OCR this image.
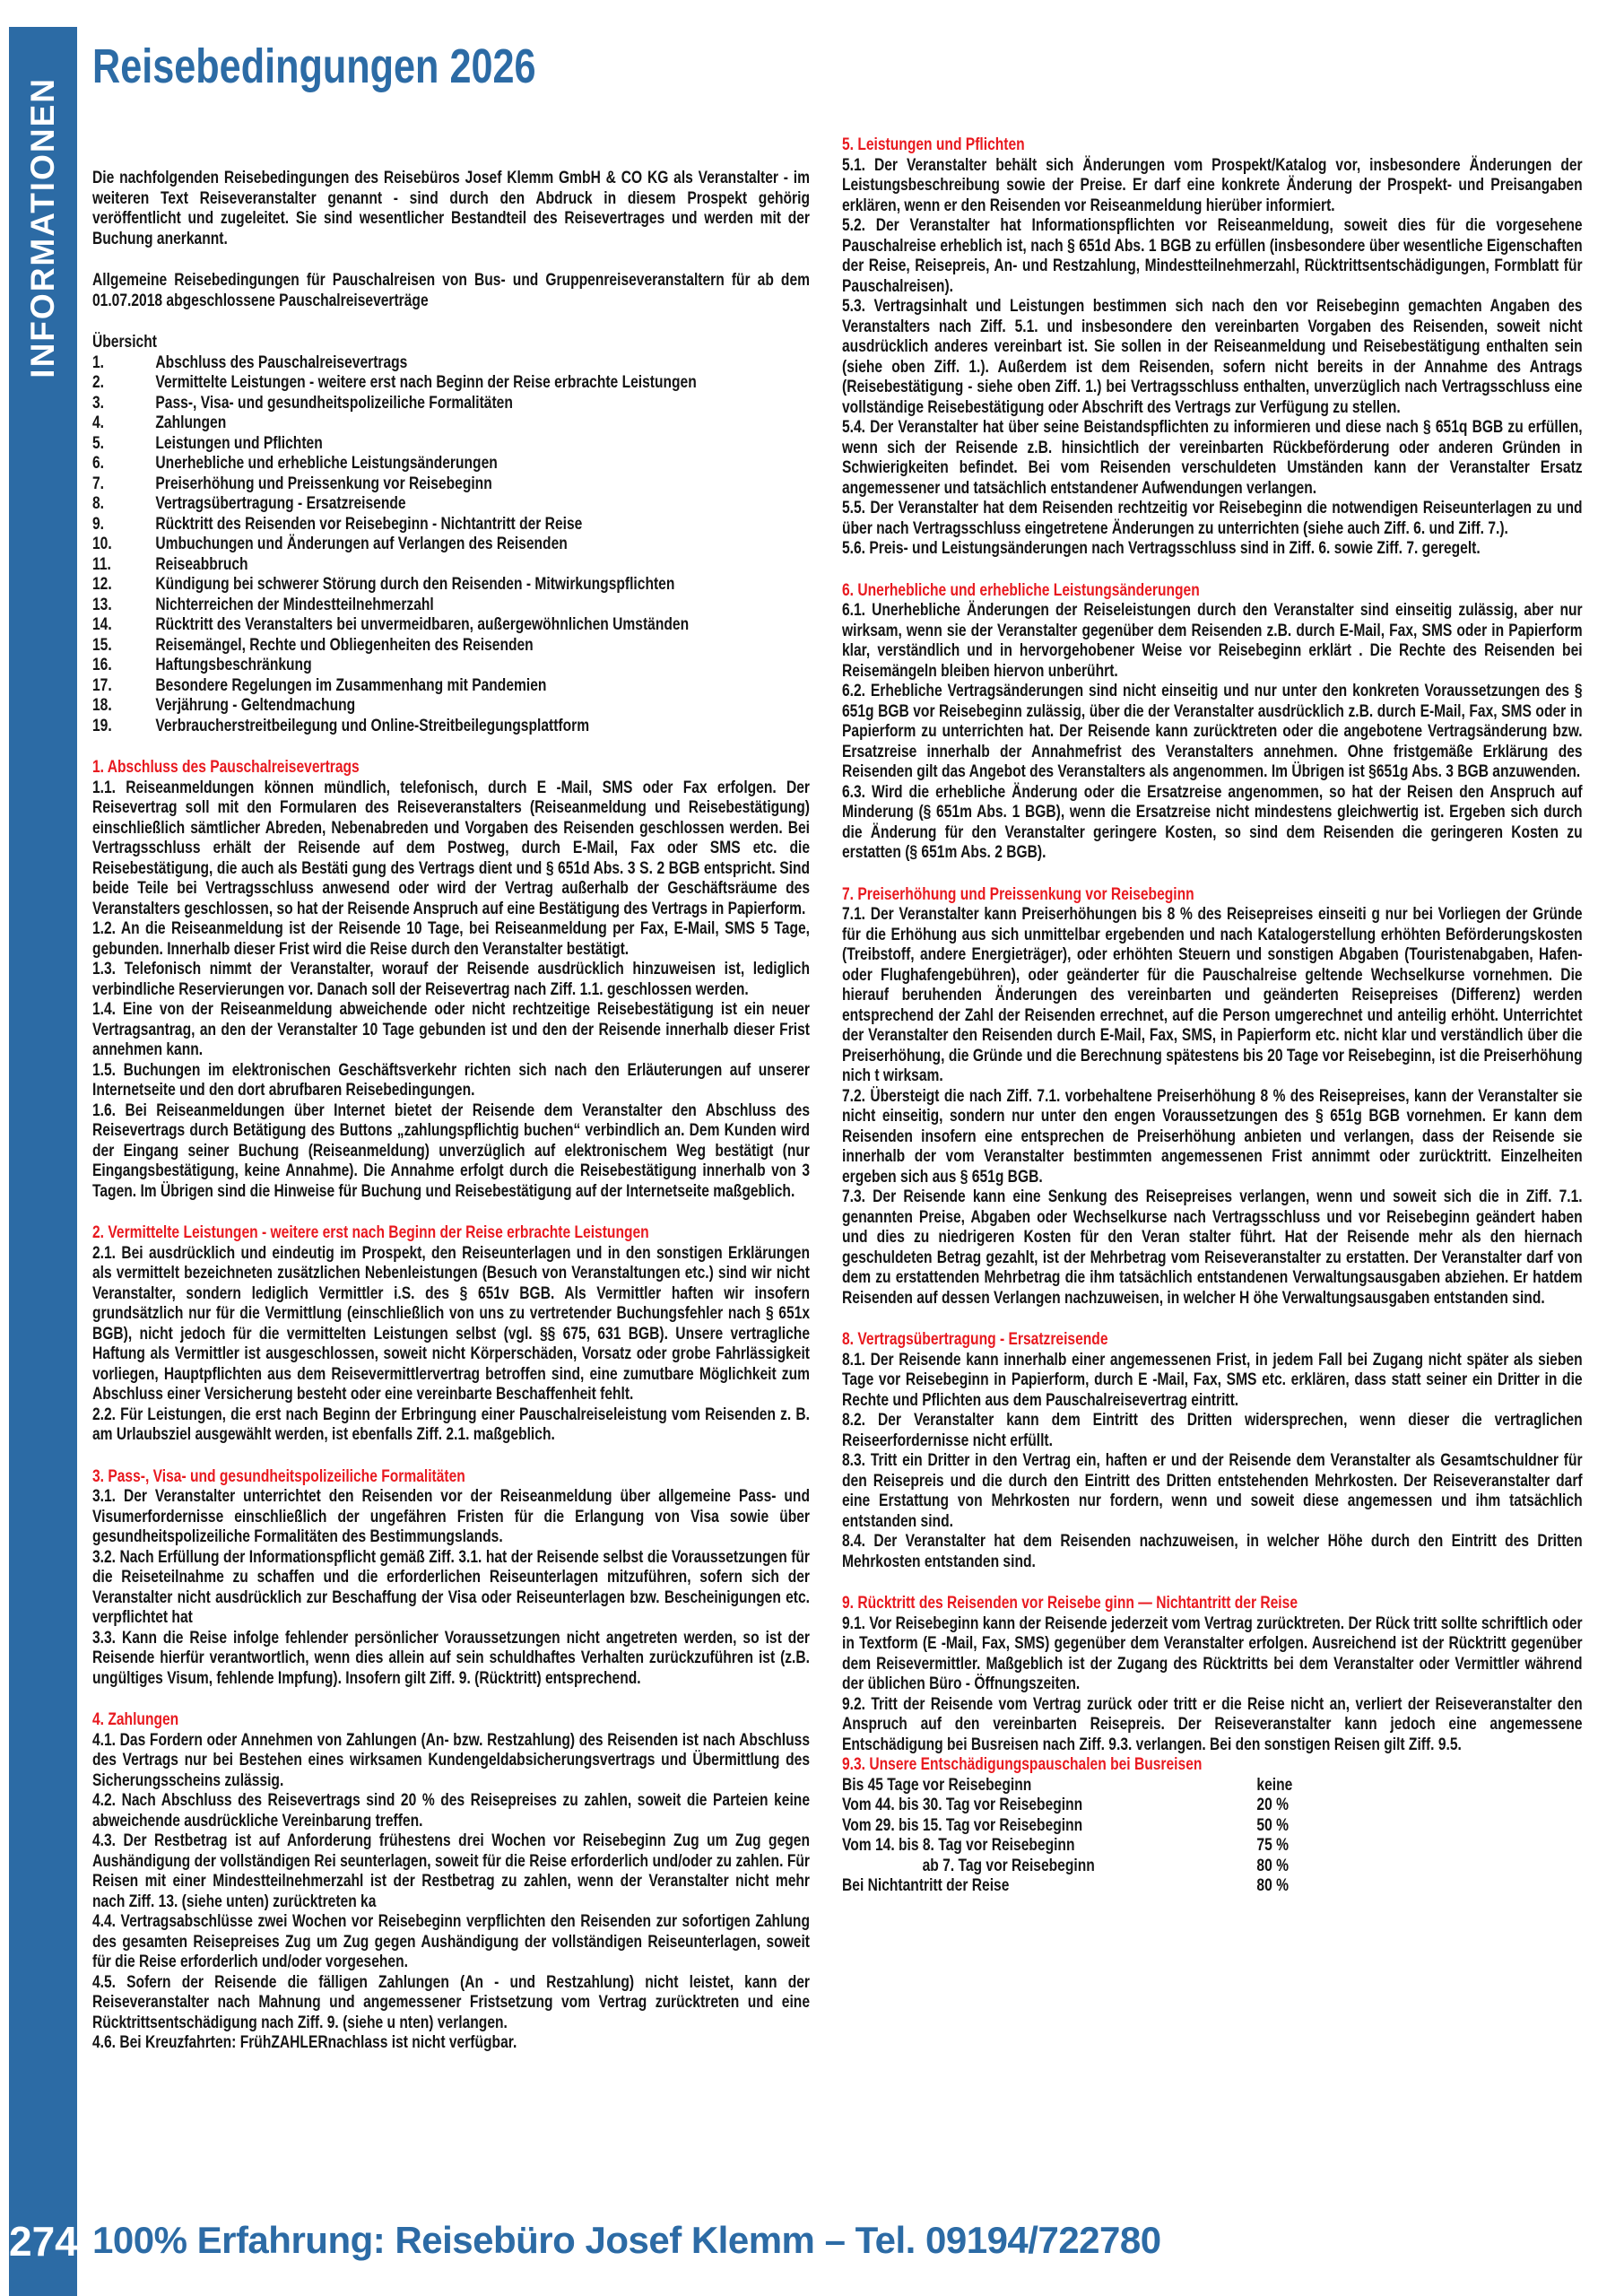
INFORMATIONEN
274
Reisebedingungen 2026

Die nachfolgenden Reisebedingungen des Reisebüros Josef Klemm GmbH & CO KG als Veranstalter - im weiteren Text Reiseveranstalter genannt - sind durch den Abdruck in diesem Prospekt gehörig veröffentlicht und zugeleitet. Sie sind wesentlicher Bestandteil des Reisevertrages und werden mit der Buchung anerkannt.

Allgemeine Reisebedingungen für Pauschalreisen von Bus- und Gruppenreiseveranstaltern für ab dem 01.07.2018 abgeschlossene Pauschalreiseverträge

Übersicht

1.	Abschluss des Pauschalreisevertrags
2.	Vermittelte Leistungen - weitere erst nach Beginn der Reise erbrachte Leistungen
3.	Pass-, Visa- und gesundheitspolizeiliche Formalitäten
4.	Zahlungen
5.	Leistungen und Pflichten
6.	Unerhebliche und erhebliche Leistungsänderungen
7.	Preiserhöhung und Preissenkung vor Reisebeginn
8.	Vertragsübertragung - Ersatzreisende
9.	Rücktritt des Reisenden vor Reisebeginn - Nichtantritt der Reise
10.	Umbuchungen und Änderungen auf Verlangen des Reisenden
11.	Reiseabbruch
12.	Kündigung bei schwerer Störung durch den Reisenden - Mitwirkungspflichten
13.	Nichterreichen der Mindestteilnehmerzahl
14.	Rücktritt des Veranstalters bei unvermeidbaren, außergewöhnlichen Umständen
15.	Reisemängel, Rechte und Obliegenheiten des Reisenden
16.	Haftungsbeschränkung
17.	Besondere Regelungen im Zusammenhang mit Pandemien
18.	Verjährung - Geltendmachung
19.	Verbraucherstreitbeilegung und Online-Streitbeilegungsplattform
1. Abschluss des Pauschalreisevertrags

1.1. Reiseanmeldungen können mündlich, telefonisch, durch E -Mail, SMS oder Fax erfolgen. Der Reisevertrag soll mit den Formularen des Reiseveranstalters (Reiseanmeldung und Reisebestätigung) einschließlich sämtlicher Abreden, Nebenabreden und Vorgaben des Reisenden geschlossen werden. Bei Vertragsschluss erhält der Reisende auf dem Postweg, durch E-Mail, Fax oder SMS etc. die Reisebestätigung, die auch als Bestäti gung des Vertrags dient und § 651d Abs. 3 S. 2 BGB entspricht. Sind beide Teile bei Vertragsschluss anwesend oder wird der Vertrag außerhalb der Geschäftsräume des Veranstalters geschlossen, so hat der Reisende Anspruch auf eine Bestätigung des Vertrags in Papierform.

1.2. An die Reiseanmeldung ist der Reisende 10 Tage, bei Reiseanmeldung per Fax, E-Mail, SMS 5 Tage, gebunden. Innerhalb dieser Frist wird die Reise durch den Veranstalter bestätigt.

1.3. Telefonisch nimmt der Veranstalter, worauf der Reisende ausdrücklich hinzuweisen ist, lediglich verbindliche Reservierungen vor. Danach soll der Reisevertrag nach Ziff. 1.1. geschlossen werden.

1.4. Eine von der Reiseanmeldung abweichende oder nicht rechtzeitige Reisebestätigung ist ein neuer Vertragsantrag, an den der Veranstalter 10 Tage gebunden ist und den der Reisende innerhalb dieser Frist annehmen kann.

1.5. Buchungen im elektronischen Geschäftsverkehr richten sich nach den Erläuterungen auf unserer Internetseite und den dort abrufbaren Reisebedingungen.

1.6. Bei Reiseanmeldungen über Internet bietet der Reisende dem Veranstalter den Abschluss des Reisevertrags durch Betätigung des Buttons „zahlungspflichtig buchen“ verbindlich an. Dem Kunden wird der Eingang seiner Buchung (Reiseanmeldung) unverzüglich auf elektronischem Weg bestätigt (nur Eingangsbestätigung, keine Annahme). Die Annahme erfolgt durch die Reisebestätigung innerhalb von 3 Tagen. Im Übrigen sind die Hinweise für Buchung und Reisebestätigung auf der Internetseite maßgeblich.

2. Vermittelte Leistungen - weitere erst nach Beginn der Reise erbrachte Leistungen

2.1. Bei ausdrücklich und eindeutig im Prospekt, den Reiseunterlagen und in den sonstigen Erklärungen als vermittelt bezeichneten zusätzlichen Nebenleistungen (Besuch von Veranstaltungen etc.) sind wir nicht Veranstalter, sondern lediglich Vermittler i.S. des § 651v BGB. Als Vermittler haften wir insofern grundsätzlich nur für die Vermittlung (einschließlich von uns zu vertretender Buchungsfehler nach § 651x BGB), nicht jedoch für die vermittelten Leistungen selbst (vgl. §§ 675, 631 BGB). Unsere vertragliche Haftung als Vermittler ist ausgeschlossen, soweit nicht Körperschäden, Vorsatz oder grobe Fahrlässigkeit vorliegen, Hauptpflichten aus dem Reisevermittlervertrag betroffen sind, eine zumutbare Möglichkeit zum Abschluss einer Versicherung besteht oder eine vereinbarte Beschaffenheit fehlt.

2.2. Für Leistungen, die erst nach Beginn der Erbringung einer Pauschalreiseleistung vom Reisenden z. B. am Urlaubsziel ausgewählt werden, ist ebenfalls Ziff. 2.1. maßgeblich.

3. Pass-, Visa- und gesundheitspolizeiliche Formalitäten

3.1. Der Veranstalter unterrichtet den Reisenden vor der Reiseanmeldung über allgemeine Pass- und Visumerfordernisse einschließlich der ungefähren Fristen für die Erlangung von Visa sowie über gesundheitspolizeiliche Formalitäten des Bestimmungslands.

3.2. Nach Erfüllung der Informationspflicht gemäß Ziff. 3.1. hat der Reisende selbst die Voraussetzungen für die Reiseteilnahme zu schaffen und die erforderlichen Reiseunterlagen mitzuführen, sofern sich der Veranstalter nicht ausdrücklich zur Beschaffung der Visa oder Reiseunterlagen bzw. Bescheinigungen etc. verpflichtet hat

3.3. Kann die Reise infolge fehlender persönlicher Voraussetzungen nicht angetreten werden, so ist der Reisende hierfür verantwortlich, wenn dies allein auf sein schuldhaftes Verhalten zurückzuführen ist (z.B. ungültiges Visum, fehlende Impfung). Insofern gilt Ziff. 9. (Rücktritt) entsprechend.

4. Zahlungen

4.1. Das Fordern oder Annehmen von Zahlungen (An- bzw. Restzahlung) des Reisenden ist nach Abschluss des Vertrags nur bei Bestehen eines wirksamen Kundengeldabsicherungsvertrags und Übermittlung des Sicherungsscheins zulässig.

4.2. Nach Abschluss des Reisevertrags sind 20 % des Reisepreises zu zahlen, soweit die Parteien keine abweichende ausdrückliche Vereinbarung treffen.

4.3. Der Restbetrag ist auf Anforderung frühestens drei Wochen vor Reisebeginn Zug um Zug gegen Aushändigung der vollständigen Rei seunterlagen, soweit für die Reise erforderlich und/oder zu zahlen. Für Reisen mit einer Mindestteilnehmerzahl ist der Restbetrag zu zahlen, wenn der Veranstalter nicht mehr nach Ziff. 13. (siehe unten) zurücktreten ka

4.4. Vertragsabschlüsse zwei Wochen vor Reisebeginn verpflichten den Reisenden zur sofortigen Zahlung des gesamten Reisepreises Zug um Zug gegen Aushändigung der vollständigen Reiseunterlagen, soweit für die Reise erforderlich und/oder vorgesehen.

4.5. Sofern der Reisende die fälligen Zahlungen (An - und Restzahlung) nicht leistet, kann der Reiseveranstalter nach Mahnung und angemessener Fristsetzung vom Vertrag zurücktreten und eine Rücktrittsentschädigung nach Ziff. 9. (siehe u nten) verlangen.

4.6. Bei Kreuzfahrten: FrühZAHLERnachlass ist nicht verfügbar.

5. Leistungen und Pflichten

5.1. Der Veranstalter behält sich Änderungen vom Prospekt/Katalog vor, insbesondere Änderungen der Leistungsbeschreibung sowie der Preise. Er darf eine konkrete Änderung der Prospekt- und Preisangaben erklären, wenn er den Reisenden vor Reiseanmeldung hierüber informiert.

5.2. Der Veranstalter hat Informationspflichten vor Reiseanmeldung, soweit dies für die vorgesehene Pauschalreise erheblich ist, nach § 651d Abs. 1 BGB zu erfüllen (insbesondere über wesentliche Eigenschaften der Reise, Reisepreis, An- und Restzahlung, Mindestteilnehmerzahl, Rücktrittsentschädigungen, Formblatt für Pauschalreisen).

5.3. Vertragsinhalt und Leistungen bestimmen sich nach den vor Reisebeginn gemachten Angaben des Veranstalters nach Ziff. 5.1. und insbesondere den vereinbarten Vorgaben des Reisenden, soweit nicht ausdrücklich anderes vereinbart ist. Sie sollen in der Reiseanmeldung und Reisebestätigung enthalten sein (siehe oben Ziff. 1.). Außerdem ist dem Reisenden, sofern nicht bereits in der Annahme des Antrags (Reisebestätigung - siehe oben Ziff. 1.) bei Vertragsschluss enthalten, unverzüglich nach Vertragsschluss eine vollständige Reisebestätigung oder Abschrift des Vertrags zur Verfügung zu stellen.

5.4. Der Veranstalter hat über seine Beistandspflichten zu informieren und diese nach § 651q BGB zu erfüllen, wenn sich der Reisende z.B. hinsichtlich der vereinbarten Rückbeförderung oder anderen Gründen in Schwierigkeiten befindet. Bei vom Reisenden verschuldeten Umständen kann der Veranstalter Ersatz angemessener und tatsächlich entstandener Aufwendungen verlangen.

5.5. Der Veranstalter hat dem Reisenden rechtzeitig vor Reisebeginn die notwendigen Reiseunterlagen zu und über nach Vertragsschluss eingetretene Änderungen zu unterrichten (siehe auch Ziff. 6. und Ziff. 7.).

5.6. Preis- und Leistungsänderungen nach Vertragsschluss sind in Ziff. 6. sowie Ziff. 7. geregelt.

6. Unerhebliche und erhebliche Leistungsänderungen

6.1. Unerhebliche Änderungen der Reiseleistungen durch den Veranstalter sind einseitig zulässig, aber nur wirksam, wenn sie der Veranstalter gegenüber dem Reisenden z.B. durch E-Mail, Fax, SMS oder in Papierform klar, verständlich und in hervorgehobener Weise vor Reisebeginn erklärt . Die Rechte des Reisenden bei Reisemängeln bleiben hiervon unberührt.

6.2. Erhebliche Vertragsänderungen sind nicht einseitig und nur unter den konkreten Voraussetzungen des § 651g BGB vor Reisebeginn zulässig, über die der Veranstalter ausdrücklich z.B. durch E-Mail, Fax, SMS oder in Papierform zu unterrichten hat. Der Reisende kann zurücktreten oder die angebotene Vertragsänderung bzw. Ersatzreise innerhalb der Annahmefrist des Veranstalters annehmen. Ohne fristgemäße Erklärung des Reisenden gilt das Angebot des Veranstalters als angenommen. Im Übrigen ist §651g Abs. 3 BGB anzuwenden.

6.3. Wird die erhebliche Änderung oder die Ersatzreise angenommen, so hat der Reisen den Anspruch auf Minderung (§ 651m Abs. 1 BGB), wenn die Ersatzreise nicht mindestens gleichwertig ist. Ergeben sich durch die Änderung für den Veranstalter geringere Kosten, so sind dem Reisenden die geringeren Kosten zu erstatten (§ 651m Abs. 2 BGB).

7. Preiserhöhung und Preissenkung vor Reisebeginn

7.1. Der Veranstalter kann Preiserhöhungen bis 8 % des Reisepreises einseiti g nur bei Vorliegen der Gründe für die Erhöhung aus sich unmittelbar ergebenden und nach Katalogerstellung erhöhten Beförderungskosten (Treibstoff, andere Energieträger), oder erhöhten Steuern und sonstigen Abgaben (Touristenabgaben, Hafen- oder Flughafengebühren), oder geänderter für die Pauschalreise geltende Wechselkurse vornehmen. Die hierauf beruhenden Änderungen des vereinbarten und geänderten Reisepreises (Differenz) werden entsprechend der Zahl der Reisenden errechnet, auf die Person umgerechnet und anteilig erhöht. Unterrichtet der Veranstalter den Reisenden durch E-Mail, Fax, SMS, in Papierform etc. nicht klar und verständlich über die Preiserhöhung, die Gründe und die Berechnung spätestens bis 20 Tage vor Reisebeginn, ist die Preiserhöhung nich t wirksam.

7.2. Übersteigt die nach Ziff. 7.1. vorbehaltene Preiserhöhung 8 % des Reisepreises, kann der Veranstalter sie nicht einseitig, sondern nur unter den engen Voraussetzungen des § 651g BGB vornehmen. Er kann dem Reisenden insofern eine entsprechen de Preiserhöhung anbieten und verlangen, dass der Reisende sie innerhalb der vom Veranstalter bestimmten angemessenen Frist annimmt oder zurücktritt. Einzelheiten ergeben sich aus § 651g BGB.

7.3. Der Reisende kann eine Senkung des Reisepreises verlangen, wenn und soweit sich die in Ziff. 7.1. genannten Preise, Abgaben oder Wechselkurse nach Vertragsschluss und vor Reisebeginn geändert haben und dies zu niedrigeren Kosten für den Veran stalter führt. Hat der Reisende mehr als den hiernach geschuldeten Betrag gezahlt, ist der Mehrbetrag vom Reiseveranstalter zu erstatten. Der Veranstalter darf von dem zu erstattenden Mehrbetrag die ihm tatsächlich entstandenen Verwaltungsausgaben abziehen. Er hatdem Reisenden auf dessen Verlangen nachzuweisen, in welcher H öhe Verwaltungsausgaben entstanden sind.

8. Vertragsübertragung - Ersatzreisende

8.1. Der Reisende kann innerhalb einer angemessenen Frist, in jedem Fall bei Zugang nicht später als sieben Tage vor Reisebeginn in Papierform, durch E -Mail, Fax, SMS etc. erklären, dass statt seiner ein Dritter in die Rechte und Pflichten aus dem Pauschalreisevertrag eintritt.

8.2. Der Veranstalter kann dem Eintritt des Dritten widersprechen, wenn dieser die vertraglichen Reiseerfordernisse nicht erfüllt.

8.3. Tritt ein Dritter in den Vertrag ein, haften er und der Reisende dem Veranstalter als Gesamtschuldner für den Reisepreis und die durch den Eintritt des Dritten entstehenden Mehrkosten. Der Reiseveranstalter darf eine Erstattung von Mehrkosten nur fordern, wenn und soweit diese angemessen und ihm tatsächlich entstanden sind.

8.4. Der Veranstalter hat dem Reisenden nachzuweisen, in welcher Höhe durch den Eintritt des Dritten Mehrkosten entstanden sind.

9. Rücktritt des Reisenden vor Reisebe ginn — Nichtantritt der Reise

9.1. Vor Reisebeginn kann der Reisende jederzeit vom Vertrag zurücktreten. Der Rück tritt sollte schriftlich oder in Textform (E -Mail, Fax, SMS) gegenüber dem Veranstalter erfolgen. Ausreichend ist der Rücktritt gegenüber dem Reisevermittler. Maßgeblich ist der Zugang des Rücktritts bei dem Veranstalter oder Vermittler während der üblichen Büro - Öffnungszeiten.

9.2. Tritt der Reisende vom Vertrag zurück oder tritt er die Reise nicht an, verliert der Reiseveranstalter den Anspruch auf den vereinbarten Reisepreis. Der Reiseveranstalter kann jedoch eine angemessene Entschädigung bei Busreisen nach Ziff. 9.3. verlangen. Bei den sonstigen Reisen gilt Ziff. 9.5.

9.3. Unsere Entschädigungspauschalen bei Busreisen
Bis 45 Tage vor Reisebeginn	keine
Vom 44. bis 30. Tag vor Reisebeginn	20 %
Vom 29. bis 15. Tag vor Reisebeginn	50 %
Vom 14. bis 8. Tag vor Reisebeginn	75 %
ab 7. Tag vor Reisebeginn	80 %
Bei Nichtantritt der Reise	80 %
100% Erfahrung: Reisebüro Josef Klemm – Tel. 09194/722780
